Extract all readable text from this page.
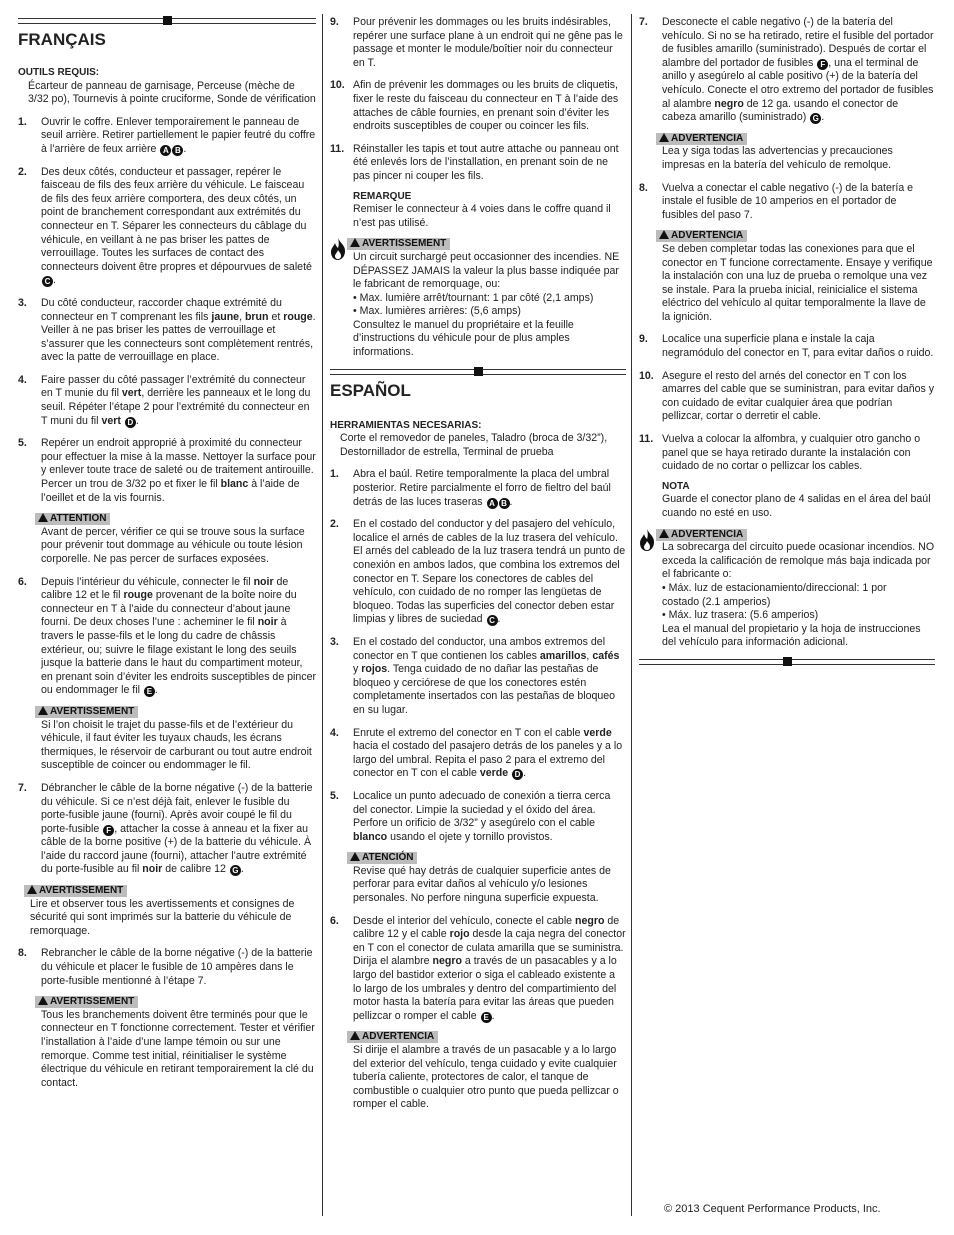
FRANÇAIS
OUTILS REQUIS:
Écarteur de panneau de garnisage, Perceuse (mèche de 3/32 po), Tournevis à pointe cruciforme, Sonde de vérification
1.	Ouvrir le coffre. Enlever temporairement le panneau de seuil arrière. Retirer partiellement le papier feutré du coffre à l’arrière de feux arrière A B .
2.	Des deux côtés, conducteur et passager, repérer le faisceau de fils des feux arrière du véhicule. Le faisceau de fils des feux arrière comportera, des deux côtés, un point de branchement correspondant aux extrémités du connecteur en T. Séparer les connecteurs du câblage du véhicule, en veillant à ne pas briser les pattes de verrouillage. Toutes les surfaces de contact des connecteurs doivent être propres et dépourvues de saleté C .
3.	Du côté conducteur, raccorder chaque extrémité du connecteur en T comprenant les fils jaune, brun et rouge. Veiller à ne pas briser les pattes de verrouillage et s’assurer que les connecteurs sont complètement rentrés, avec la patte de verrouillage en place.
4.	Faire passer du côté passager l’extrémité du connecteur en T munie du fil vert, derrière les panneaux et le long du seuil. Répéter l’étape 2 pour l’extrémité du connecteur en T muni du fil vert D .
5.	Repérer un endroit approprié à proximité du connecteur pour effectuer la mise à la masse. Nettoyer la surface pour y enlever toute trace de saleté ou de traitement antirouille. Percer un trou de 3/32 po et fixer le fil blanc à l’aide de l’oeillet et de la vis fournis.
ATTENTION
Avant de percer, vérifier ce qui se trouve sous la surface pour prévenir tout dommage au véhicule ou toute lésion corporelle. Ne pas percer de surfaces exposées.
6.	Depuis l’intérieur du véhicule, connecter le fil noir de calibre 12 et le fil rouge provenant de la boîte noire du connecteur en T à l’aide du connecteur d’about jaune fourni. De deux choses l’une : acheminer le fil noir à travers le passe-fils et le long du cadre de châssis extérieur, ou; suivre le filage existant le long des seuils jusque la batterie dans le haut du compartiment moteur, en prenant soin d’éviter les endroits susceptibles de pincer ou endommager le fil E .
AVERTISSEMENT
Si l’on choisit le trajet du passe-fils et de l’extérieur du véhicule, il faut éviter les tuyaux chauds, les écrans thermiques, le réservoir de carburant ou tout autre endroit susceptible de coincer ou endommager le fil.
7.	Débrancher le câble de la borne négative (-) de la batterie du véhicule. Si ce n’est déjà fait, enlever le fusible du porte-fusible jaune (fourni). Après avoir coupé le fil du porte-fusible F , attacher la cosse à anneau et la fixer au câble de la borne positive (+) de la batterie du véhicule. À l’aide du raccord jaune (fourni), attacher l’autre extrémité du porte-fusible au fil noir de calibre 12 G .
AVERTISSEMENT
Lire et observer tous les avertissements et consignes de sécurité qui sont imprimés sur la batterie du véhicule de remorquage.
8.	Rebrancher le câble de la borne négative (-) de la batterie du véhicule et placer le fusible de 10 ampères dans le porte-fusible mentionné à l’étape 7.
AVERTISSEMENT
Tous les branchements doivent être terminés pour que le connecteur en T fonctionne correctement. Tester et vérifier l’installation à l’aide d’une lampe témoin ou sur une remorque. Comme test initial, réinitialiser le système électrique du véhicule en retirant temporairement la clé du contact.
9.	Pour prévenir les dommages ou les bruits indésirables, repérer une surface plane à un endroit qui ne gêne pas le passage et monter le module/boîtier noir du connecteur en T.
10. Afin de prévenir les dommages ou les bruits de cliquetis, fixer le reste du faisceau du connecteur en T à l’aide des attaches de câble fournies, en prenant soin d’éviter les endroits susceptibles de couper ou coincer les fils.
11. Réinstaller les tapis et tout autre attache ou panneau ont été enlevés lors de l’installation, en prenant soin de ne pas pincer ni couper les fils.
REMARQUE
Remiser le connecteur à 4 voies dans le coffre quand il n’est pas utilisé.
AVERTISSEMENT
Un circuit surchargé peut occasionner des incendies. NE DÉPASSEZ JAMAIS la valeur la plus basse indiquée par le fabricant de remorquage, ou:
• Max. lumière arrêt/tournant: 1 par côté (2,1 amps)
• Max. lumières arrières: (5,6 amps)
Consultez le manuel du propriétaire et la feuille d’instructions du véhicule pour de plus amples informations.
ESPAÑOL
HERRAMIENTAS NECESARIAS:
Corte el removedor de paneles, Taladro (broca de 3/32”), Destornillador de estrella, Terminal de prueba
1.	Abra el baúl. Retire temporalmente la placa del umbral posterior. Retire parcialmente el forro de fieltro del baúl detrás de las luces traseras A B .
2.	En el costado del conductor y del pasajero del vehículo, localice el arnés de cables de la luz trasera del vehículo. El arnés del cableado de la luz trasera tendrá un punto de conexión en ambos lados, que combina los extremos del conector en T. Separe los conectores de cables del vehículo, con cuidado de no romper las lengüetas de bloqueo. Todas las superficies del conector deben estar limpias y libres de suciedad C .
3.	En el costado del conductor, una ambos extremos del conector en T que contienen los cables amarillos, cafés y rojos. Tenga cuidado de no dañar las pestañas de bloqueo y cerciórese de que los conectores estén completamente insertados con las pestañas de bloqueo en su lugar.
4.	Enrute el extremo del conector en T con el cable verde hacia el costado del pasajero detrás de los paneles y a lo largo del umbral. Repita el paso 2 para el extremo del conector en T con el cable verde D .
5.	Localice un punto adecuado de conexión a tierra cerca del conector. Limpie la suciedad y el óxido del área. Perfore un orificio de 3/32” y asegúrelo con el cable blanco usando el ojete y tornillo provistos.
ATENCIÓN
Revise qué hay detrás de cualquier superficie antes de perforar para evitar daños al vehículo y/o lesiones personales. No perfore ninguna superficie expuesta.
6.	Desde el interior del vehículo, conecte el cable negro de calibre 12 y el cable rojo desde la caja negra del conector en T con el conector de culata amarilla que se suministra. Dirija el alambre negro a través de un pasacables y a lo largo del bastidor exterior o siga el cableado existente a lo largo de los umbrales y dentro del compartimiento del motor hasta la batería para evitar las áreas que pueden pellizcar o romper el cable E .
ADVERTENCIA
Si dirije el alambre a través de un pasacable y a lo largo del exterior del vehículo, tenga cuidado y evite cualquier tubería caliente, protectores de calor, el tanque de combustible o cualquier otro punto que pueda pellizcar o romper el cable.
7.	Desconecte el cable negativo (-) de la batería del vehículo. Si no se ha retirado, retire el fusible del portador de fusibles amarillo (suministrado). Después de cortar el alambre del portador de fusibles F , una el terminal de anillo y asegúrelo al cable positivo (+) de la batería del vehículo. Conecte el otro extremo del portador de fusibles al alambre negro de 12 ga. usando el conector de cabeza amarillo (suministrado) G .
ADVERTENCIA
Lea y siga todas las advertencias y precauciones impresas en la batería del vehículo de remolque.
8.	Vuelva a conectar el cable negativo (-) de la batería e instale el fusible de 10 amperios en el portador de fusibles del paso 7.
ADVERTENCIA
Se deben completar todas las conexiones para que el conector en T funcione correctamente. Ensaye y verifique la instalación con una luz de prueba o remolque una vez se instale. Para la prueba inicial, reinicialice el sistema eléctrico del vehículo al quitar temporalmente la llave de la ignición.
9.	Localice una superficie plana e instale la caja negramódulo del conector en T, para evitar daños o ruido.
10. Asegure el resto del arnés del conector en T con los amarres del cable que se suministran, para evitar daños y con cuidado de evitar cualquier área que podrían pellizcar, cortar o derretir el cable.
11. Vuelva a colocar la alfombra, y cualquier otro gancho o panel que se haya retirado durante la instalación con cuidado de no cortar o pellizcar los cables.
NOTA
Guarde el conector plano de 4 salidas en el área del baúl cuando no esté en uso.
ADVERTENCIA
La sobrecarga del circuito puede ocasionar incendios. NO exceda la calificación de remolque más baja indicada por el fabricante o:
• Máx. luz de estacionamiento/direccional: 1 por
costado (2.1 amperios)
• Máx. luz trasera: (5.6 amperios)
Lea el manual del propietario y la hoja de instrucciones del vehículo para información adicional.
© 2013 Cequent Performance Products, Inc.
